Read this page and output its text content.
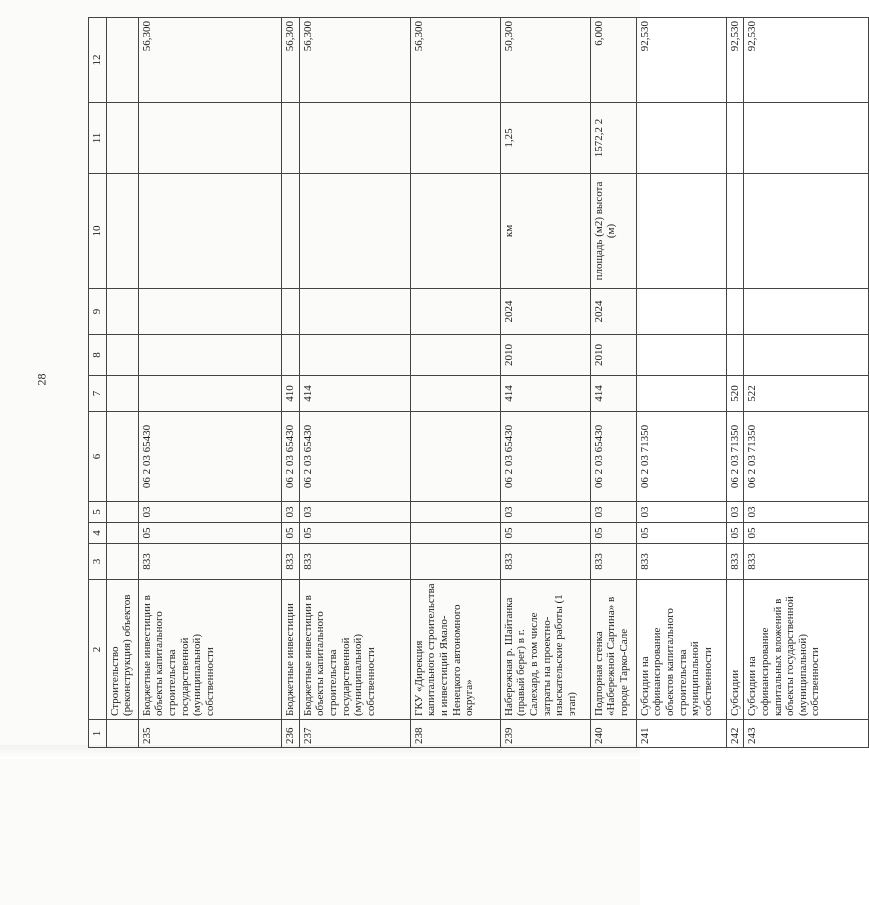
28

1	2	3	4	5	6	7	8	9	10	11	12
	Строительство (реконструкция) объектов										
235	Бюджетные инвестиции в объекты капитального строительства государственной (муниципальной) собственности	833	05	03	06 2 03 65430						56,300
236	Бюджетные инвестиции	833	05	03	06 2 03 65430	410					56,300
237	Бюджетные инвестиции в объекты капитального строительства государственной (муниципальной) собственности	833	05	03	06 2 03 65430	414					56,300
238	ГКУ «Дирекция капитального строительства и инвестиций Ямало-Ненецкого автономного округа»										56,300
239	Набережная р. Шайтанка (правый берег) в г. Салехард, в том числе затраты на проектно-изыскательские работы (1 этап)	833	05	03	06 2 03 65430	414	2010	2024	км	1,25	50,300
240	Подпорная стенка «Набережной Сартина» в городе Тарко-Сале	833	05	03	06 2 03 65430	414	2010	2024	площадь (м2) высота (м)	1572,2 2	6,000
241	Субсидии на софинансирование объектов капитального строительства муниципальной собственности	833	05	03	06 2 03 71350						92,530
242	Субсидии	833	05	03	06 2 03 71350	520					92,530
243	Субсидии на софинансирование капитальных вложений в объекты государственной (муниципальной) собственности	833	05	03	06 2 03 71350	522					92,530
